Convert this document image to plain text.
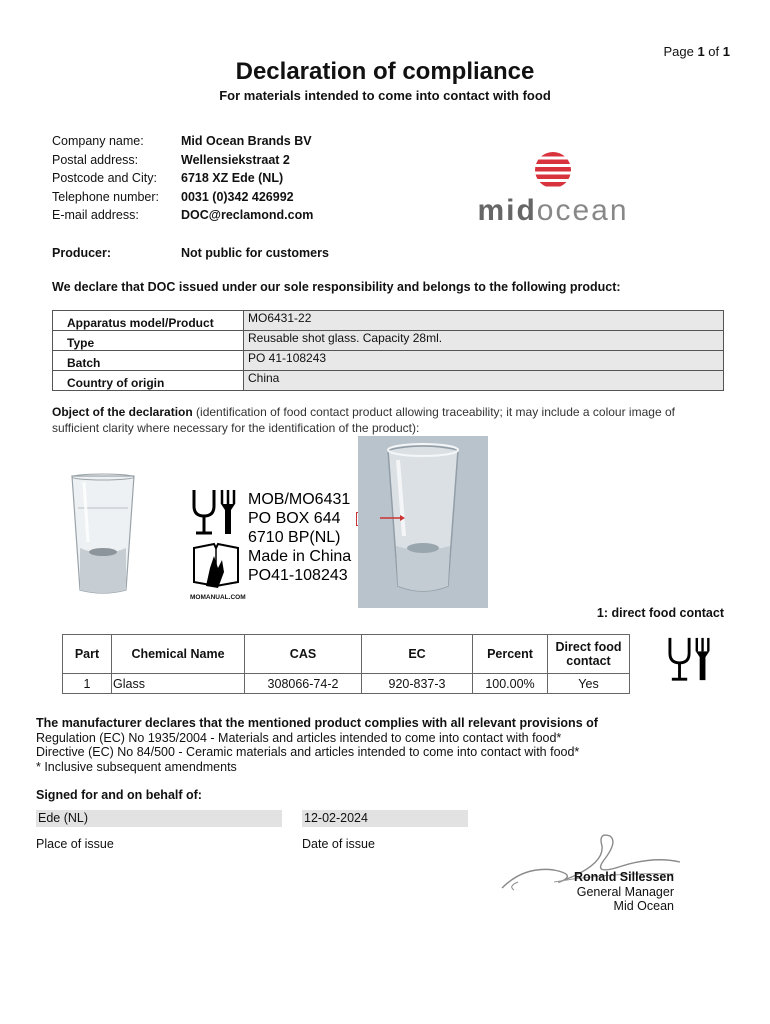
Page 1 of 1
Declaration of compliance
For materials intended to come into contact with food
Company name:	Mid Ocean Brands BV
Postal address:	Wellensiekstraat 2
Postcode and City: 6718 XZ Ede (NL)
Telephone number: 0031 (0)342 426992
E-mail address:	DOC@reclamond.com	midocean
Producer:	Not public for customers
We declare that DOC issued under our sole responsibility and belongs to the following product:
Apparatus model/Product	MO6431-22
Type	Reusable shot glass. Capacity 28ml.
Batch	PO 41-108243
Country of origin	China
Object of the declaration (identification of food contact product allowing traceability; it may include a colour image of sufficient clarity where necessary for the identification of the product):
MOB/MO6431
PO BOX 644
6710 BP(NL)
Made in China
PO41-108243
MOMANUAL.COM
1: direct food contact
Part	Chemical Name	CAS	EC	Percent	Direct food contact
1	Glass	308066-74-2	920-837-3	100.00%	Yes
The manufacturer declares that the mentioned product complies with all relevant provisions of
Regulation (EC) No 1935/2004 - Materials and articles intended to come into contact with food*
Directive (EC) No 84/500 - Ceramic materials and articles intended to come into contact with food*
* Inclusive subsequent amendments
Signed for and on behalf of:
Ede (NL)
Place of issue
12-02-2024
Date of issue
Ronald Sillessen
General Manager
Mid Ocean
